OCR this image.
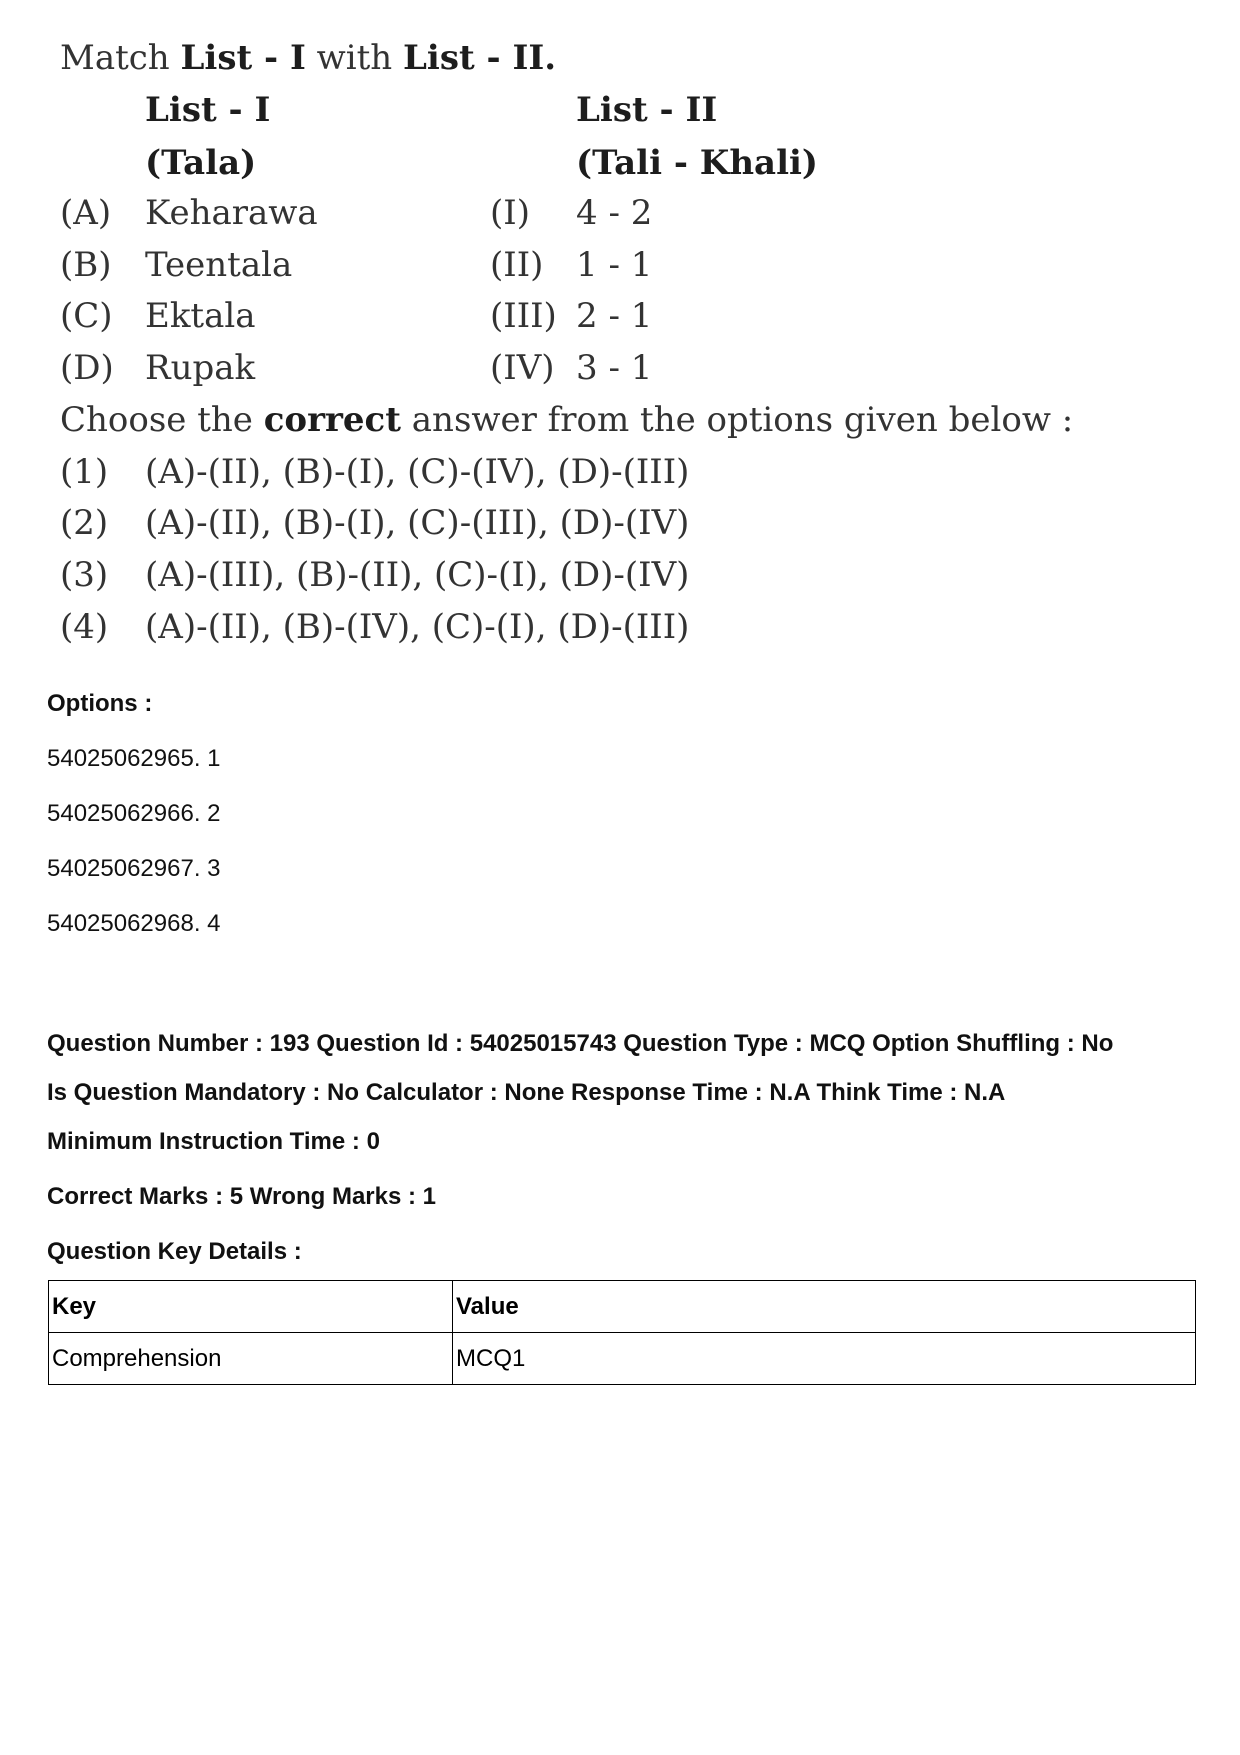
Match List - I with List - II.
List - I	List - II
(Tala)	(Tali - Khali)
(A) Keharawa	(I) 4 - 2
(B) Teentala	(II) 1 - 1
(C) Ektala	(III) 2 - 1
(D) Rupak	(IV) 3 - 1
Choose the correct answer from the options given below :
(1) (A)-(II), (B)-(I), (C)-(IV), (D)-(III)
(2) (A)-(II), (B)-(I), (C)-(III), (D)-(IV)
(3) (A)-(III), (B)-(II), (C)-(I), (D)-(IV)
(4) (A)-(II), (B)-(IV), (C)-(I), (D)-(III)
Options :
54025062965. 1
54025062966. 2
54025062967. 3
54025062968. 4
Question Number : 193 Question Id : 54025015743 Question Type : MCQ Option Shuffling : No
Is Question Mandatory : No Calculator : None Response Time : N.A Think Time : N.A
Minimum Instruction Time : 0
Correct Marks : 5 Wrong Marks : 1
Question Key Details :
Key	Value
Comprehension	MCQ1
